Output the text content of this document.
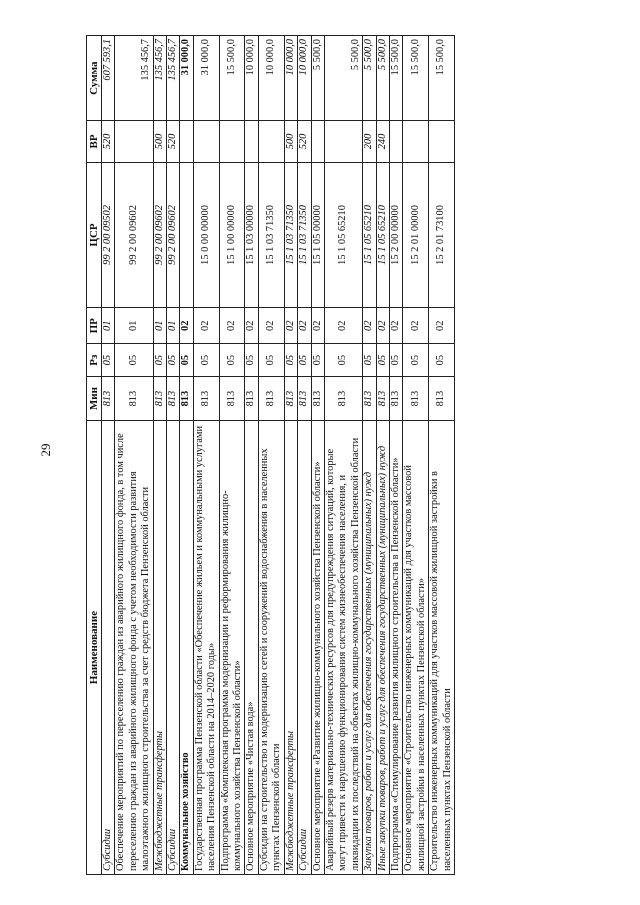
29
Наименование	Мин	Рз	ПР	ЦСР	ВР	Сумма
Субсидии	813	05	01	99 2 00 09502	520	607 593,1
Обеспечение мероприятий по переселению граждан из аварийного жилищного фонда, в том числе переселению граждан из аварийного жилищного фонда с учетом необходимости развития малоэтажного жилищного строительства за счет средств бюджета Пензенской области	813	05	01	99 2 00 09602		135 456,7
Межбюджетные трансферты	813	05	01	99 2 00 09602	500	135 456,7
Субсидии	813	05	01	99 2 00 09602	520	135 456,7
Коммунальное хозяйство	813	05	02			31 000,0
Государственная программа Пензенской области «Обеспечение жильем и коммунальными услугами населения Пензенской области на 2014–2020 годы»	813	05	02	15 0 00 00000		31 000,0
Подпрограмма «Комплексная программа модернизации и реформирования жилищно-коммунального хозяйства Пензенской области»	813	05	02	15 1 00 00000		15 500,0
Основное мероприятие «Чистая вода»	813	05	02	15 1 03 00000		10 000,0
Субсидии на строительство и модернизацию сетей и сооружений водоснабжения в населенных пунктах Пензенской области	813	05	02	15 1 03 71350		10 000,0
Межбюджетные трансферты	813	05	02	15 1 03 71350	500	10 000,0
Субсидии	813	05	02	15 1 03 71350	520	10 000,0
Основное мероприятие «Развитие жилищно-коммунального хозяйства Пензенской области»	813	05	02	15 1 05 00000		5 500,0
Аварийный резерв материально-технических ресурсов для предупреждения ситуаций, которые могут привести к нарушению функционирования систем жизнеобеспечения населения, и ликвидации их последствий на объектах жилищно-коммунального хозяйства Пензенской области	813	05	02	15 1 05 65210		5 500,0
Закупка товаров, работ и услуг для обеспечения государственных (муниципальных) нужд	813	05	02	15 1 05 65210	200	5 500,0
Иные закупки товаров, работ и услуг для обеспечения государственных (муниципальных) нужд	813	05	02	15 1 05 65210	240	5 500,0
Подпрограмма «Стимулирование развития жилищного строительства в Пензенской области»	813	05	02	15 2 00 00000		15 500,0
Основное мероприятие «Строительство инженерных коммуникаций для участков массовой жилищной застройки в населенных пунктах Пензенской области»	813	05	02	15 2 01 00000		15 500,0
Строительство инженерных коммуникаций для участков массовой жилищной застройки в населенных пунктах Пензенской области	813	05	02	15 2 01 73100		15 500,0
